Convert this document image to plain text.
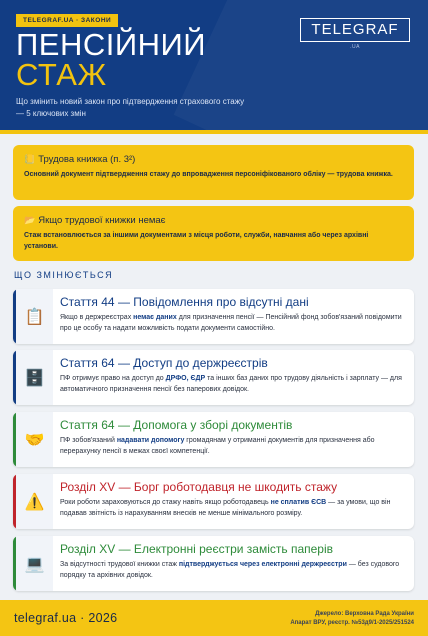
TELEGRAF.UA · ЗАКОНИ
ПЕНСІЙНИЙ
СТАЖ
Що змінить новий закон про підтвердження страхового стажу — 5 ключових змін
TELEGRAF
.UA
📒 Трудова книжка (п. 3²)
Основний документ підтвердження стажу до впровадження персоніфікованого обліку — трудова книжка.
📂 Якщо трудової книжки немає
Стаж встановлюється за іншими документами з місця роботи, служби, навчання або через архівні установи.
ЩО ЗМІНЮЄТЬСЯ
📋
Стаття 44 — Повідомлення про відсутні дані
Якщо в держреєстрах немає даних для призначення пенсії — Пенсійний фонд зобов'язаний повідомити про це особу та надати можливість подати документи самостійно.
🗄️
Стаття 64 — Доступ до держреєстрів
ПФ отримує право на доступ до ДРФО, ЄДР та інших баз даних про трудову діяльність і зарплату — для автоматичного призначення пенсії без паперових довідок.
🤝
Стаття 64 — Допомога у зборі документів
ПФ зобов'язаний надавати допомогу громадянам у отриманні документів для призначення або перерахунку пенсії в межах своєї компетенції.
⚠️
Розділ XV — Борг роботодавця не шкодить стажу
Роки роботи зараховуються до стажу навіть якщо роботодавець не сплатив ЄСВ — за умови, що він подавав звітність із нарахуванням внесків не менше мінімального розміру.
💻
Розділ XV — Електронні реєстри замість паперів
За відсутності трудової книжки стаж підтверджується через електронні держреєстри — без судового порядку та архівних довідок.
telegraf.ua · 2026	Джерело: Верховна Рада України
Апарат ВРУ, реєстр. №53д9/1-2025/251524
